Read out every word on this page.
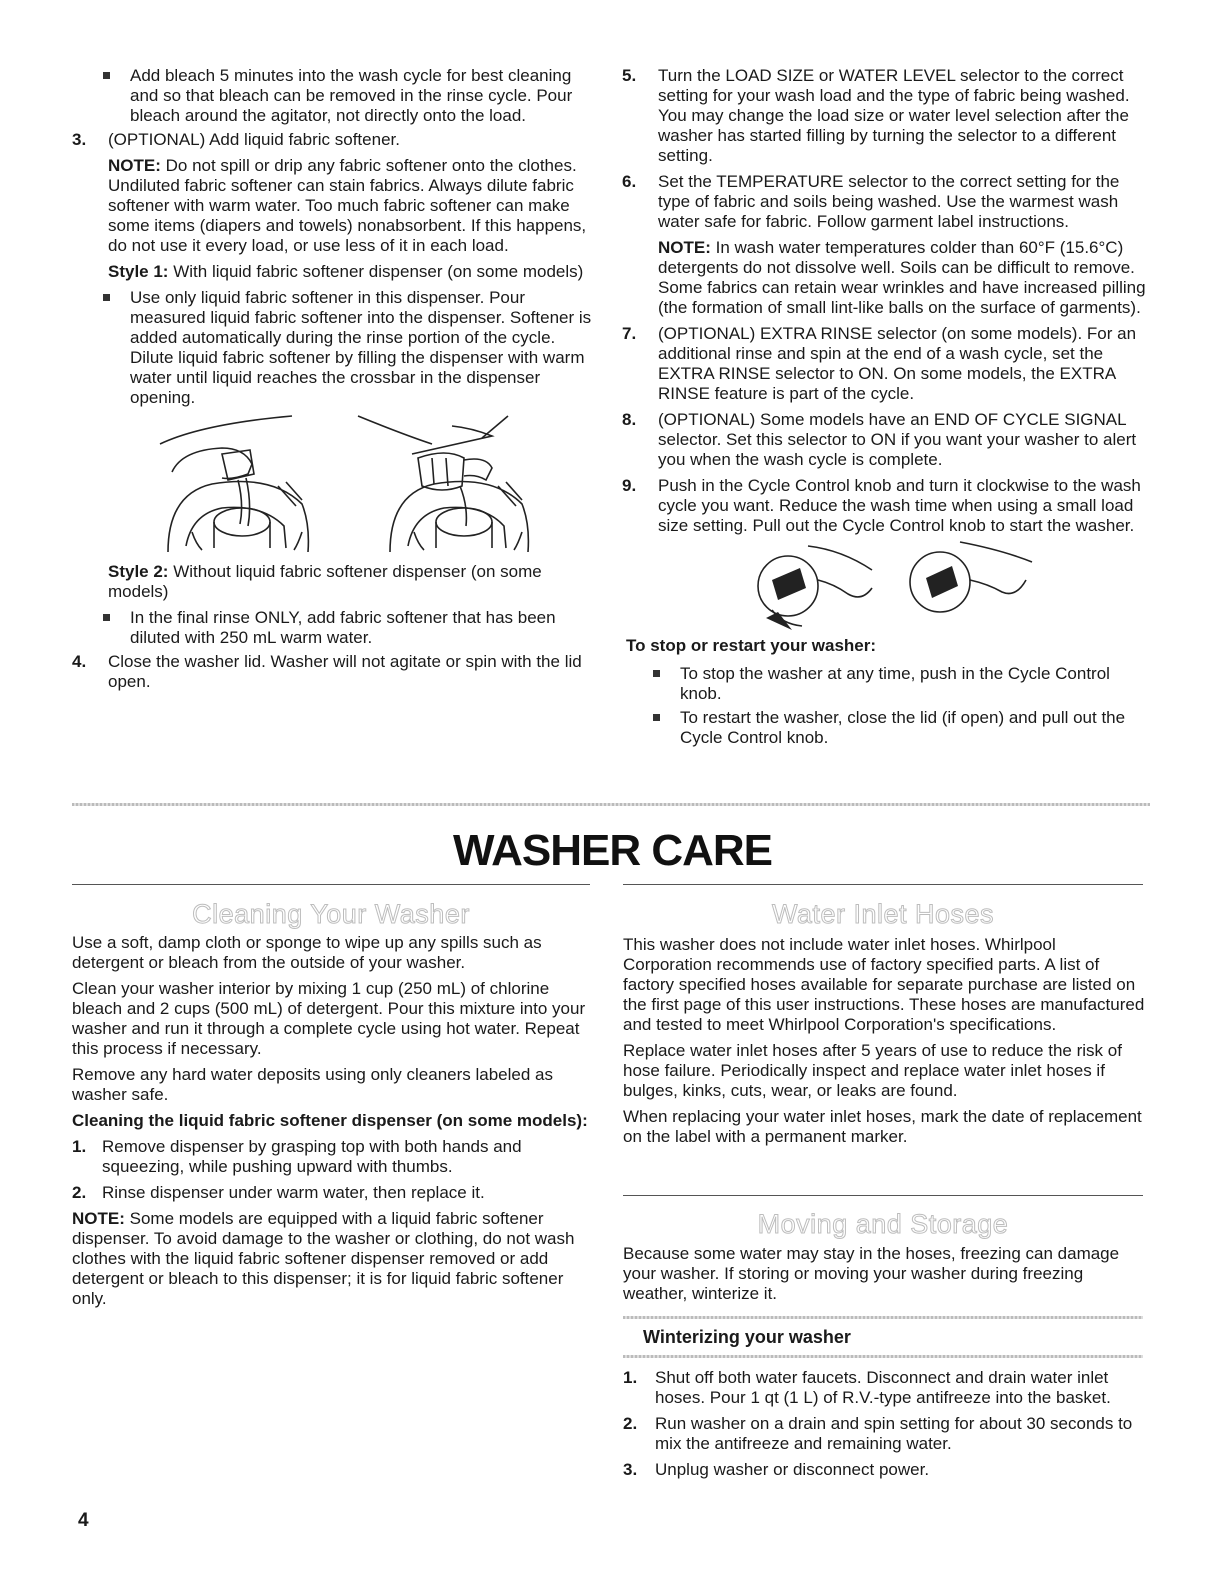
Add bleach 5 minutes into the wash cycle for best cleaning and so that bleach can be removed in the rinse cycle. Pour bleach around the agitator, not directly onto the load.

3. (OPTIONAL) Add liquid fabric softener.

NOTE: Do not spill or drip any fabric softener onto the clothes. Undiluted fabric softener can stain fabrics. Always dilute fabric softener with warm water. Too much fabric softener can make some items (diapers and towels) nonabsorbent. If this happens, do not use it every load, or use less of it in each load.

Style 1: With liquid fabric softener dispenser (on some models)

Use only liquid fabric softener in this dispenser. Pour measured liquid fabric softener into the dispenser. Softener is added automatically during the rinse portion of the cycle. Dilute liquid fabric softener by filling the dispenser with warm water until liquid reaches the crossbar in the dispenser opening.

Style 2: Without liquid fabric softener dispenser (on some models)

In the final rinse ONLY, add fabric softener that has been diluted with 250 mL warm water.

4. Close the washer lid. Washer will not agitate or spin with the lid open.

5. Turn the LOAD SIZE or WATER LEVEL selector to the correct setting for your wash load and the type of fabric being washed. You may change the load size or water level selection after the washer has started filling by turning the selector to a different setting.

6. Set the TEMPERATURE selector to the correct setting for the type of fabric and soils being washed. Use the warmest wash water safe for fabric. Follow garment label instructions.

NOTE: In wash water temperatures colder than 60°F (15.6°C) detergents do not dissolve well. Soils can be difficult to remove. Some fabrics can retain wear wrinkles and have increased pilling (the formation of small lint-like balls on the surface of garments).

7. (OPTIONAL) EXTRA RINSE selector (on some models). For an additional rinse and spin at the end of a wash cycle, set the EXTRA RINSE selector to ON. On some models, the EXTRA RINSE feature is part of the cycle.

8. (OPTIONAL) Some models have an END OF CYCLE SIGNAL selector. Set this selector to ON if you want your washer to alert you when the wash cycle is complete.

9. Push in the Cycle Control knob and turn it clockwise to the wash cycle you want. Reduce the wash time when using a small load size setting. Pull out the Cycle Control knob to start the washer.

To stop or restart your washer:

To stop the washer at any time, push in the Cycle Control knob.

To restart the washer, close the lid (if open) and pull out the Cycle Control knob.

WASHER CARE
Cleaning Your Washer

Use a soft, damp cloth or sponge to wipe up any spills such as detergent or bleach from the outside of your washer.

Clean your washer interior by mixing 1 cup (250 mL) of chlorine bleach and 2 cups (500 mL) of detergent. Pour this mixture into your washer and run it through a complete cycle using hot water. Repeat this process if necessary.

Remove any hard water deposits using only cleaners labeled as washer safe.

Cleaning the liquid fabric softener dispenser (on some models):

1. Remove dispenser by grasping top with both hands and squeezing, while pushing upward with thumbs.

2. Rinse dispenser under warm water, then replace it.

NOTE: Some models are equipped with a liquid fabric softener dispenser. To avoid damage to the washer or clothing, do not wash clothes with the liquid fabric softener dispenser removed or add detergent or bleach to this dispenser; it is for liquid fabric softener only.

Water Inlet Hoses

This washer does not include water inlet hoses. Whirlpool Corporation recommends use of factory specified parts. A list of factory specified hoses available for separate purchase are listed on the first page of this user instructions. These hoses are manufactured and tested to meet Whirlpool Corporation's specifications.

Replace water inlet hoses after 5 years of use to reduce the risk of hose failure. Periodically inspect and replace water inlet hoses if bulges, kinks, cuts, wear, or leaks are found.

When replacing your water inlet hoses, mark the date of replacement on the label with a permanent marker.

Moving and Storage

Because some water may stay in the hoses, freezing can damage your washer. If storing or moving your washer during freezing weather, winterize it.

Winterizing your washer

1. Shut off both water faucets. Disconnect and drain water inlet hoses. Pour 1 qt (1 L) of R.V.-type antifreeze into the basket.

2. Run washer on a drain and spin setting for about 30 seconds to mix the antifreeze and remaining water.

3. Unplug washer or disconnect power.

4
